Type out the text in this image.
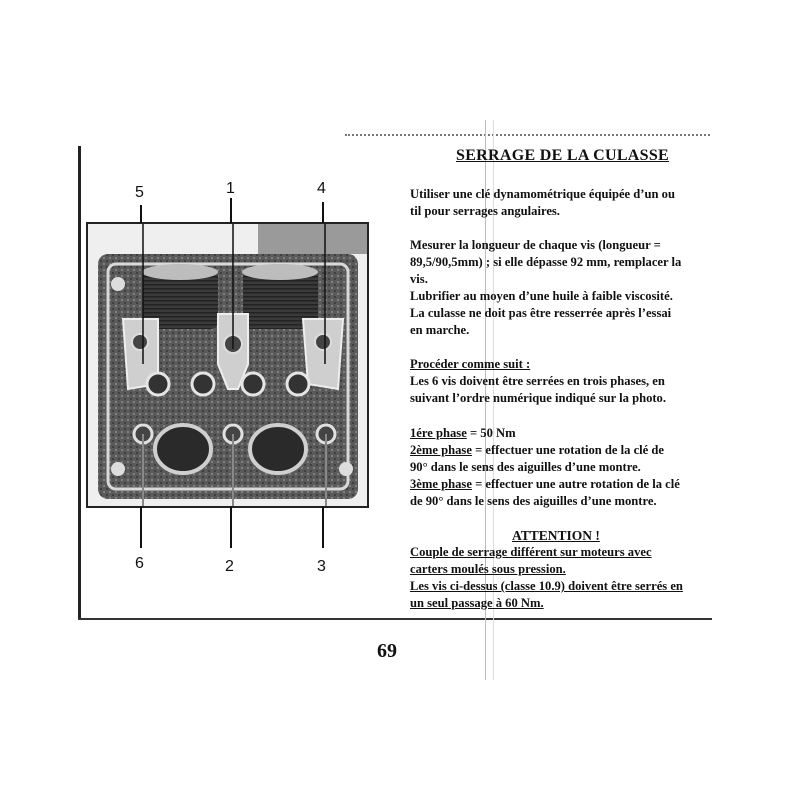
SERRAGE DE LA CULASSE
Utiliser une clé dynamométrique équipée d’un ou
til pour serrages angulaires.
Mesurer la longueur de chaque vis (longueur =
89,5/90,5mm) ; si elle dépasse 92 mm, remplacer la
vis.
Lubrifier au moyen d’une huile à faible viscosité.
La culasse ne doit pas être resserrée après l’essai
en marche.
Procéder comme suit :
Les 6 vis doivent être serrées en trois phases, en
suivant l’ordre numérique indiqué sur la photo.
1ére phase = 50 Nm
2ème phase = effectuer une rotation de la clé de
90° dans le sens des aiguilles d’une montre.
3ème phase = effectuer une autre rotation de la clé
de 90° dans le sens des aiguilles d’une montre.
ATTENTION !
Couple de serrage différent sur moteurs avec
carters moulés sous pression.
Les vis ci-dessus (classe 10.9) doivent être serrés en
un seul passage à 60 Nm.
5	1	4
6	2	3
69
